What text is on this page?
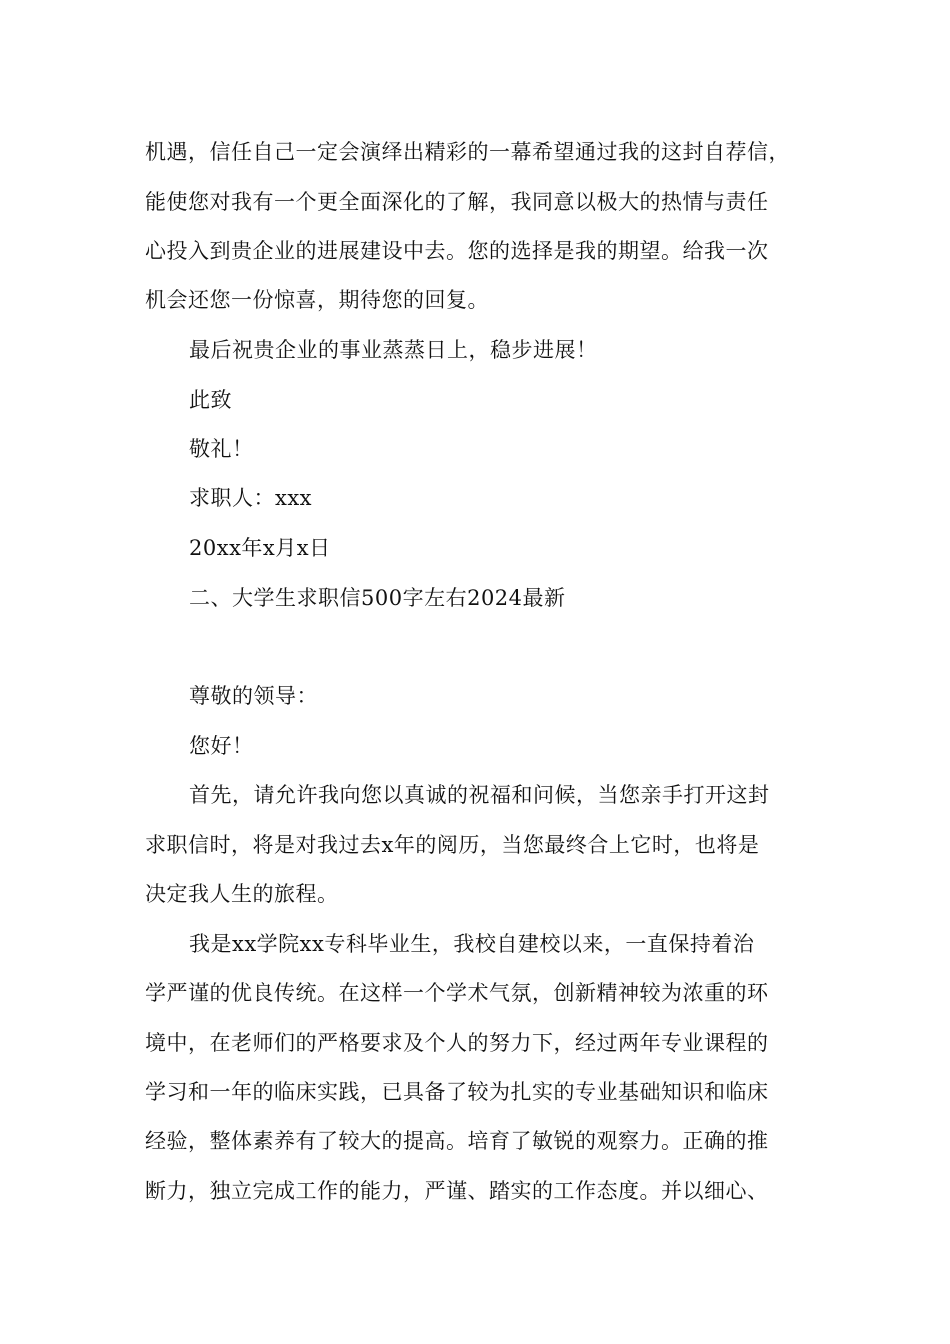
机遇，信任自己一定会演绎出精彩的一幕希望通过我的这封自荐信，
能使您对我有一个更全面深化的了解，我同意以极大的热情与责任
心投入到贵企业的进展建设中去。您的选择是我的期望。给我一次
机会还您一份惊喜，期待您的回复。
最后祝贵企业的事业蒸蒸日上，稳步进展！
此致
敬礼！
求职人：xxx
20xx年x月x日
二、大学生求职信500字左右2024最新
尊敬的领导：
您好！
首先，请允许我向您以真诚的祝福和问候，当您亲手打开这封
求职信时，将是对我过去x年的阅历，当您最终合上它时，也将是
决定我人生的旅程。
我是xx学院xx专科毕业生，我校自建校以来，一直保持着治
学严谨的优良传统。在这样一个学术气氛，创新精神较为浓重的环
境中，在老师们的严格要求及个人的努力下，经过两年专业课程的
学习和一年的临床实践，已具备了较为扎实的专业基础知识和临床
经验，整体素养有了较大的提高。培育了敏锐的观察力。正确的推
断力，独立完成工作的能力，严谨、踏实的工作态度。并以细心、
